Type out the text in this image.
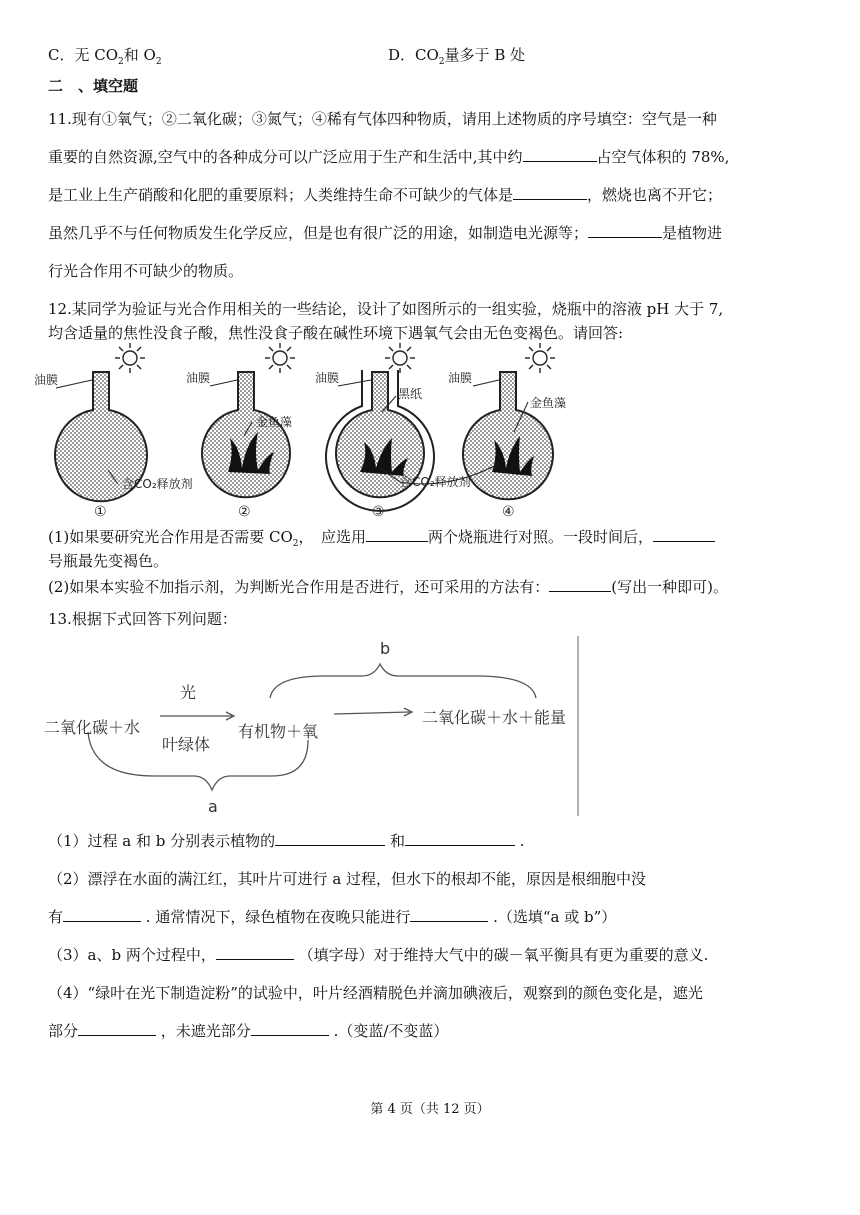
C．无 $CO_2$和 $O_2$	D．$CO_2$量多于 B 处
二　、填空题
11.现有①氧气；②二氧化碳；③氮气；④稀有气体四种物质，请用上述物质的序号填空：空气是一种
重要的自然资源,空气中的各种成分可以广泛应用于生产和生活中,其中约	占空气体积的 78%,
是工业上生产硝酸和化肥的重要原料；人类维持生命不可缺少的气体是	，燃烧也离不开它；
虽然几乎不与任何物质发生化学反应，但是也有很广泛的用途，如制造电光源等；	是植物进
行光合作用不可缺少的物质。
12.某同学为验证与光合作用相关的一些结论，设计了如图所示的一组实验，烧瓶中的溶液 pH 大于 7,
均含适量的焦性没食子酸，焦性没食子酸在碱性环境下遇氧气会由无色变褐色。请回答:
油膜	油膜	油膜	油膜
黑纸
金鱼藻
金鱼藻
含CO₂释放剂	含CO₂释放剂
①	②	③	④
(1)如果要研究光合作用是否需要 $CO_2$，　应选用	两个烧瓶进行对照。一段时间后，
号瓶最先变褐色。
(2)如果本实验不加指示剂，为判断光合作用是否进行，还可采用的方法有：	(写出一种即可)。
13.根据下式回答下列问题：
二氧化碳＋水
光
叶绿体
有机物＋氧
二氧化碳＋水＋能量
b
a
（1）过程 a 和 b 分别表示植物的	和	.
（2）漂浮在水面的满江红，其叶片可进行 a 过程，但水下的根却不能，原因是根细胞中没
有	. 通常情况下，绿色植物在夜晚只能进行	.（选填“a 或 b”）
（3）a、b 两个过程中，	（填字母）对于维持大气中的碳－氧平衡具有更为重要的意义.
（4）“绿叶在光下制造淀粉”的试验中，叶片经酒精脱色并滴加碘液后，观察到的颜色变化是，遮光
部分	，未遮光部分	.（变蓝/不变蓝）
第 4 页（共 12 页）
